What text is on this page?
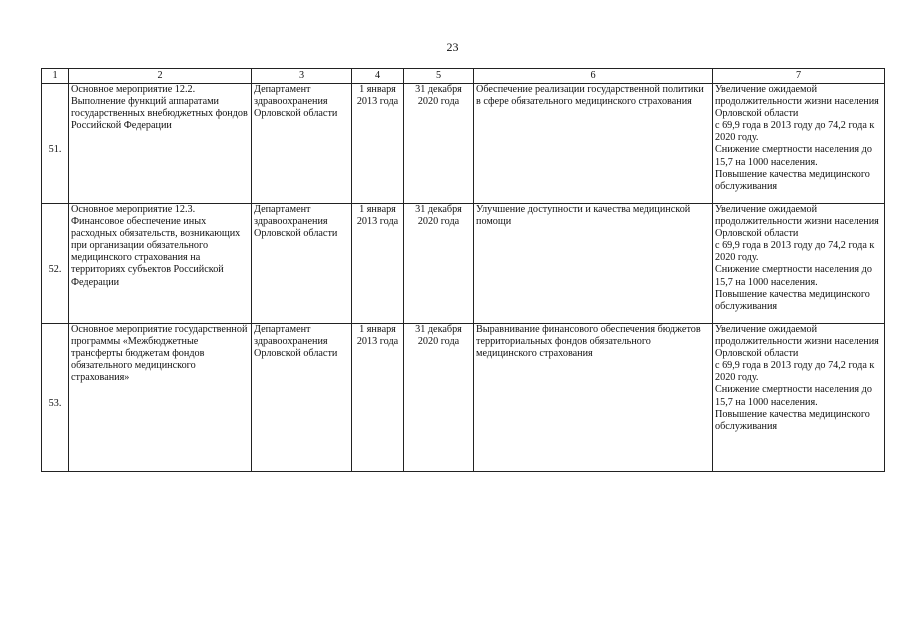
23
1	2	3	4	5	6	7

51.	Основное мероприятие 12.2.
Выполнение функций аппаратами государственных внебюджетных фондов Российской Федерации	Департамент здравоохранения Орловской области	1 января 2013 года	31 декабря 2020 года	Обеспечение реализации государственной политики в сфере обязательного медицинского страхования	Увеличение ожидаемой продолжительности жизни населения Орловской области
с 69,9 года в 2013 году до 74,2 года к 2020 году.
Снижение смертности населения до 15,7 на 1000 населения.
Повышение качества медицинского обслуживания

52.	Основное мероприятие 12.3.
Финансовое обеспечение иных расходных обязательств, возникающих при организации обязательного медицинского страхования на территориях субъектов Российской Федерации	Департамент здравоохранения Орловской области	1 января 2013 года	31 декабря 2020 года	Улучшение доступности и качества медицинской помощи	Увеличение ожидаемой продолжительности жизни населения Орловской области
с 69,9 года в 2013 году до 74,2 года к 2020 году.
Снижение смертности населения до 15,7 на 1000 населения.
Повышение качества медицинского обслуживания

53.	Основное мероприятие государственной программы «Межбюджетные трансферты бюджетам фондов обязательного медицинского страхования»	Департамент здравоохранения Орловской области	1 января 2013 года	31 декабря 2020 года	Выравнивание финансового обеспечения бюджетов территориальных фондов обязательного медицинского страхования	Увеличение ожидаемой продолжительности жизни населения Орловской области
с 69,9 года в 2013 году до 74,2 года к 2020 году.
Снижение смертности населения до 15,7 на 1000 населения.
Повышение качества медицинского обслуживания
